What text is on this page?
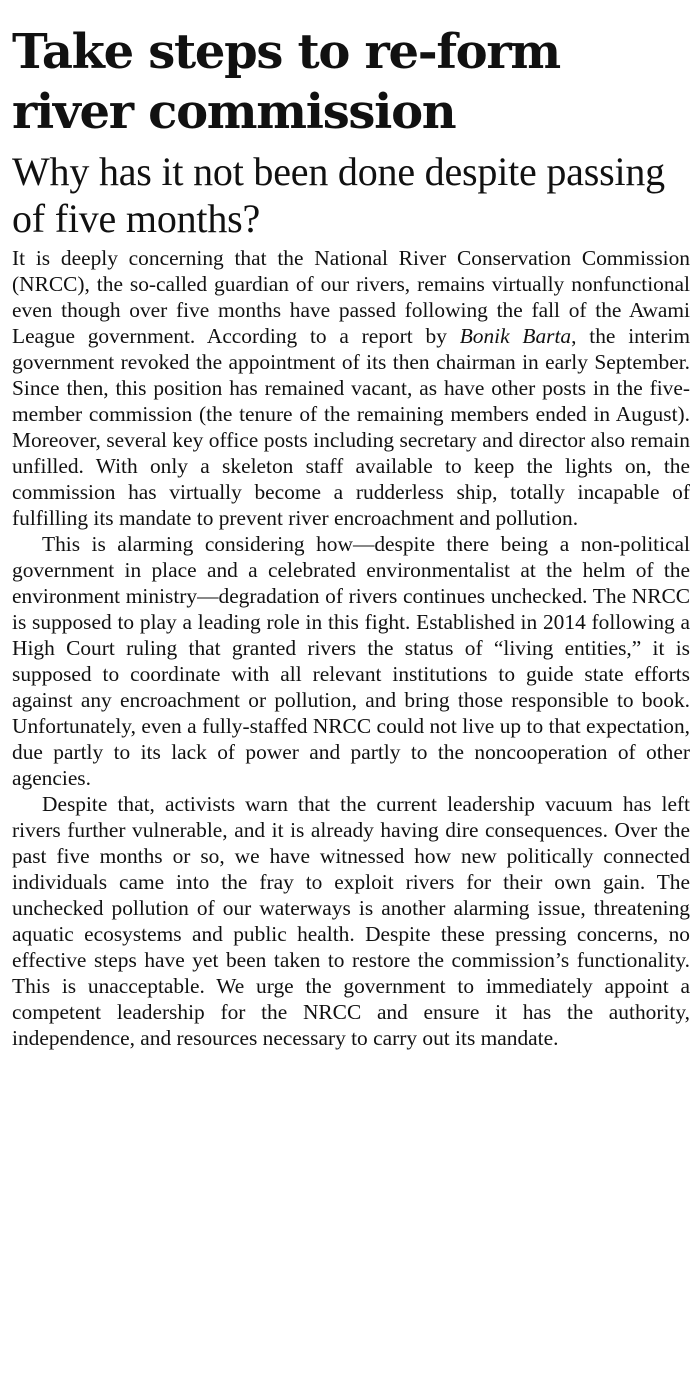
Take steps to re-form river commission
Why has it not been done despite passing of five months?

It is deeply concerning that the National River Conservation Commission (NRCC), the so-called guardian of our rivers, remains virtually nonfunctional even though over five months have passed following the fall of the Awami League government. According to a report by Bonik Barta, the interim government revoked the appointment of its then chairman in early September. Since then, this position has remained vacant, as have other posts in the five-member commission (the tenure of the remaining members ended in August). Moreover, several key office posts including secretary and director also remain unfilled. With only a skeleton staff available to keep the lights on, the commission has virtually become a rudderless ship, totally incapable of fulfilling its mandate to prevent river encroachment and pollution.

This is alarming considering how—despite there being a non-political government in place and a celebrated environmentalist at the helm of the environment ministry—degradation of rivers continues unchecked. The NRCC is supposed to play a leading role in this fight. Established in 2014 following a High Court ruling that granted rivers the status of “living entities,” it is supposed to coordinate with all relevant institutions to guide state efforts against any encroachment or pollution, and bring those responsible to book. Unfortunately, even a fully-staffed NRCC could not live up to that expectation, due partly to its lack of power and partly to the noncooperation of other agencies.

Despite that, activists warn that the current leadership vacuum has left rivers further vulnerable, and it is already having dire consequences. Over the past five months or so, we have witnessed how new politically connected individuals came into the fray to exploit rivers for their own gain. The unchecked pollution of our waterways is another alarming issue, threatening aquatic ecosystems and public health. Despite these pressing concerns, no effective steps have yet been taken to restore the commission’s functionality. This is unacceptable. We urge the government to immediately appoint a competent leadership for the NRCC and ensure it has the authority, independence, and resources necessary to carry out its mandate.
